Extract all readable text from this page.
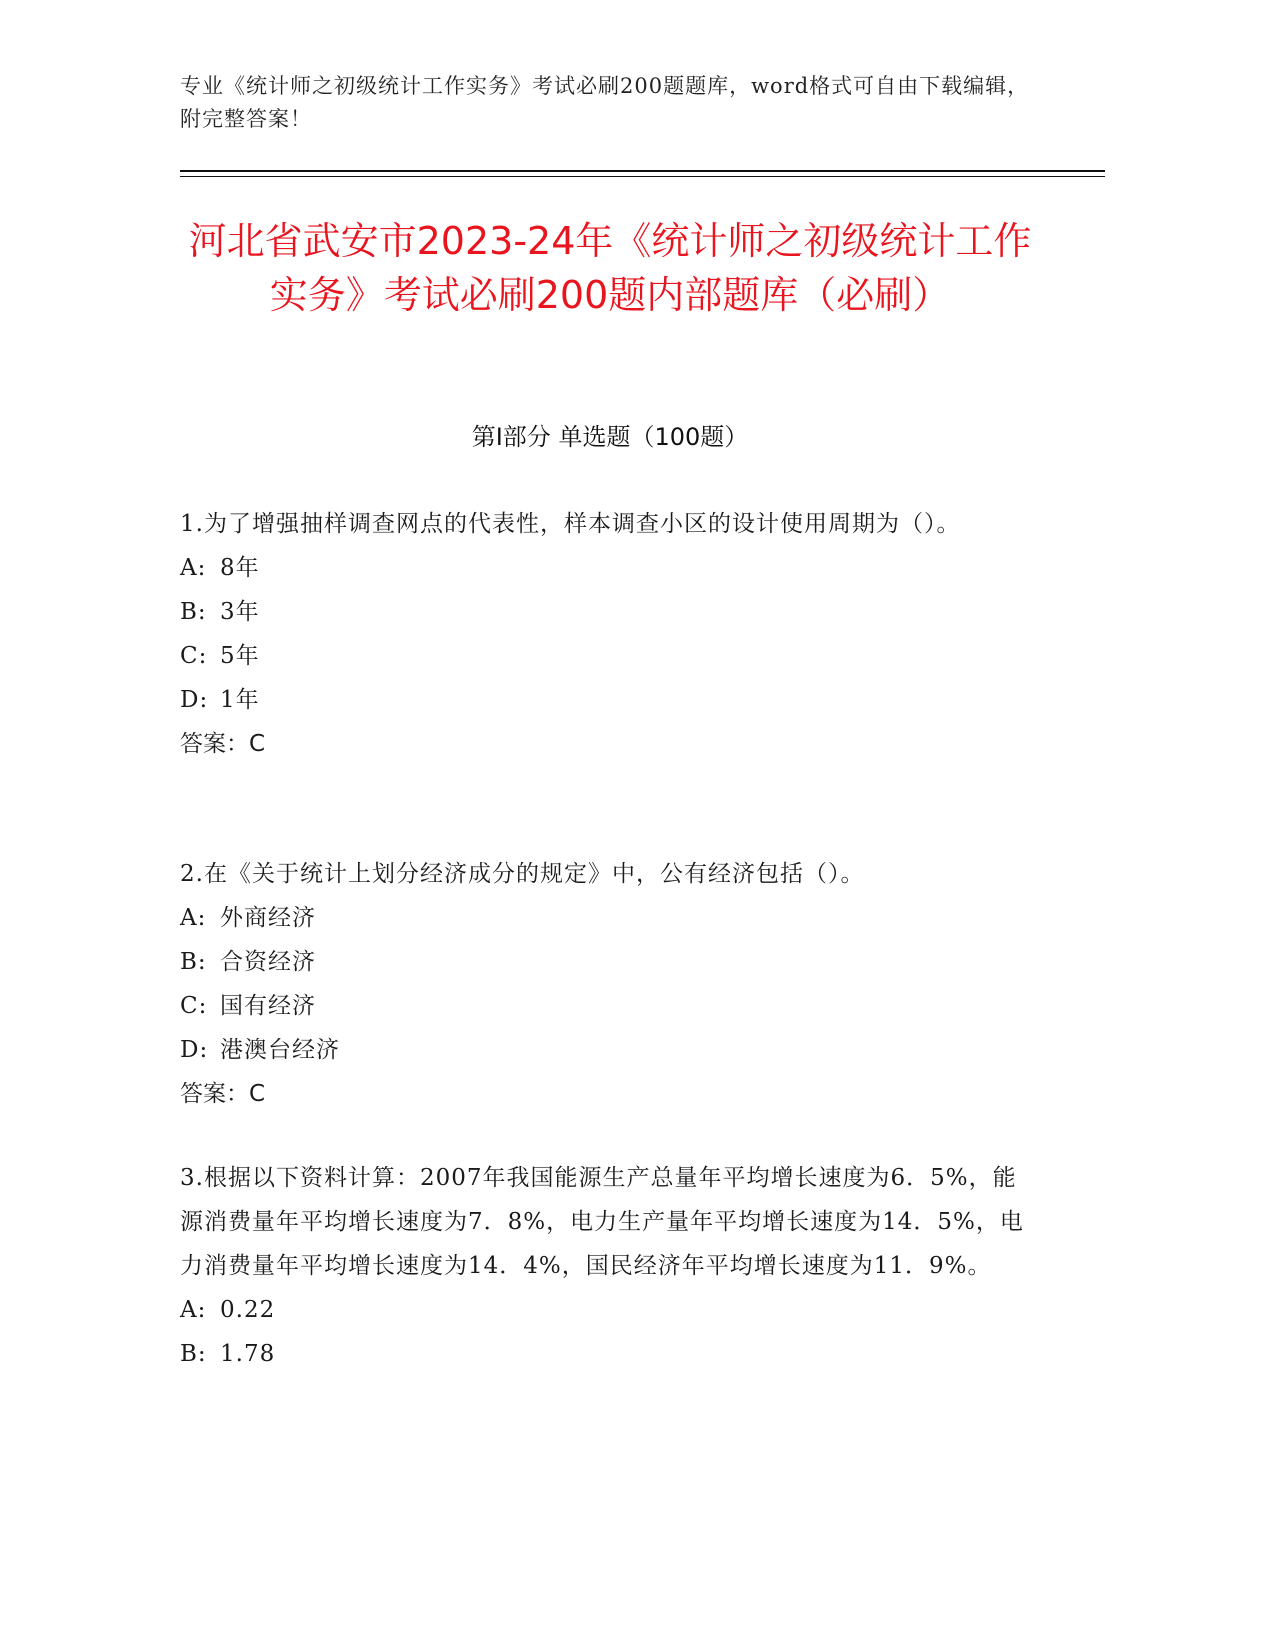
专业《统计师之初级统计工作实务》考试必刷200题题库，word格式可自由下载编辑，附完整答案！
河北省武安市2023-24年《统计师之初级统计工作实务》考试必刷200题内部题库（必刷）
第Ⅰ部分 单选题（100题）

1.为了增强抽样调查网点的代表性，样本调查小区的设计使用周期为（）。

A: 8年

B: 3年

C: 5年

D: 1年

答案：C

2.在《关于统计上划分经济成分的规定》中，公有经济包括（）。

A: 外商经济

B: 合资经济

C: 国有经济

D: 港澳台经济

答案：C

3.根据以下资料计算：2007年我国能源生产总量年平均增长速度为6．5%，能源消费量年平均增长速度为7．8%，电力生产量年平均增长速度为14．5%，电力消费量年平均增长速度为14．4%，国民经济年平均增长速度为11．9%。

A: 0.22

B: 1.78
